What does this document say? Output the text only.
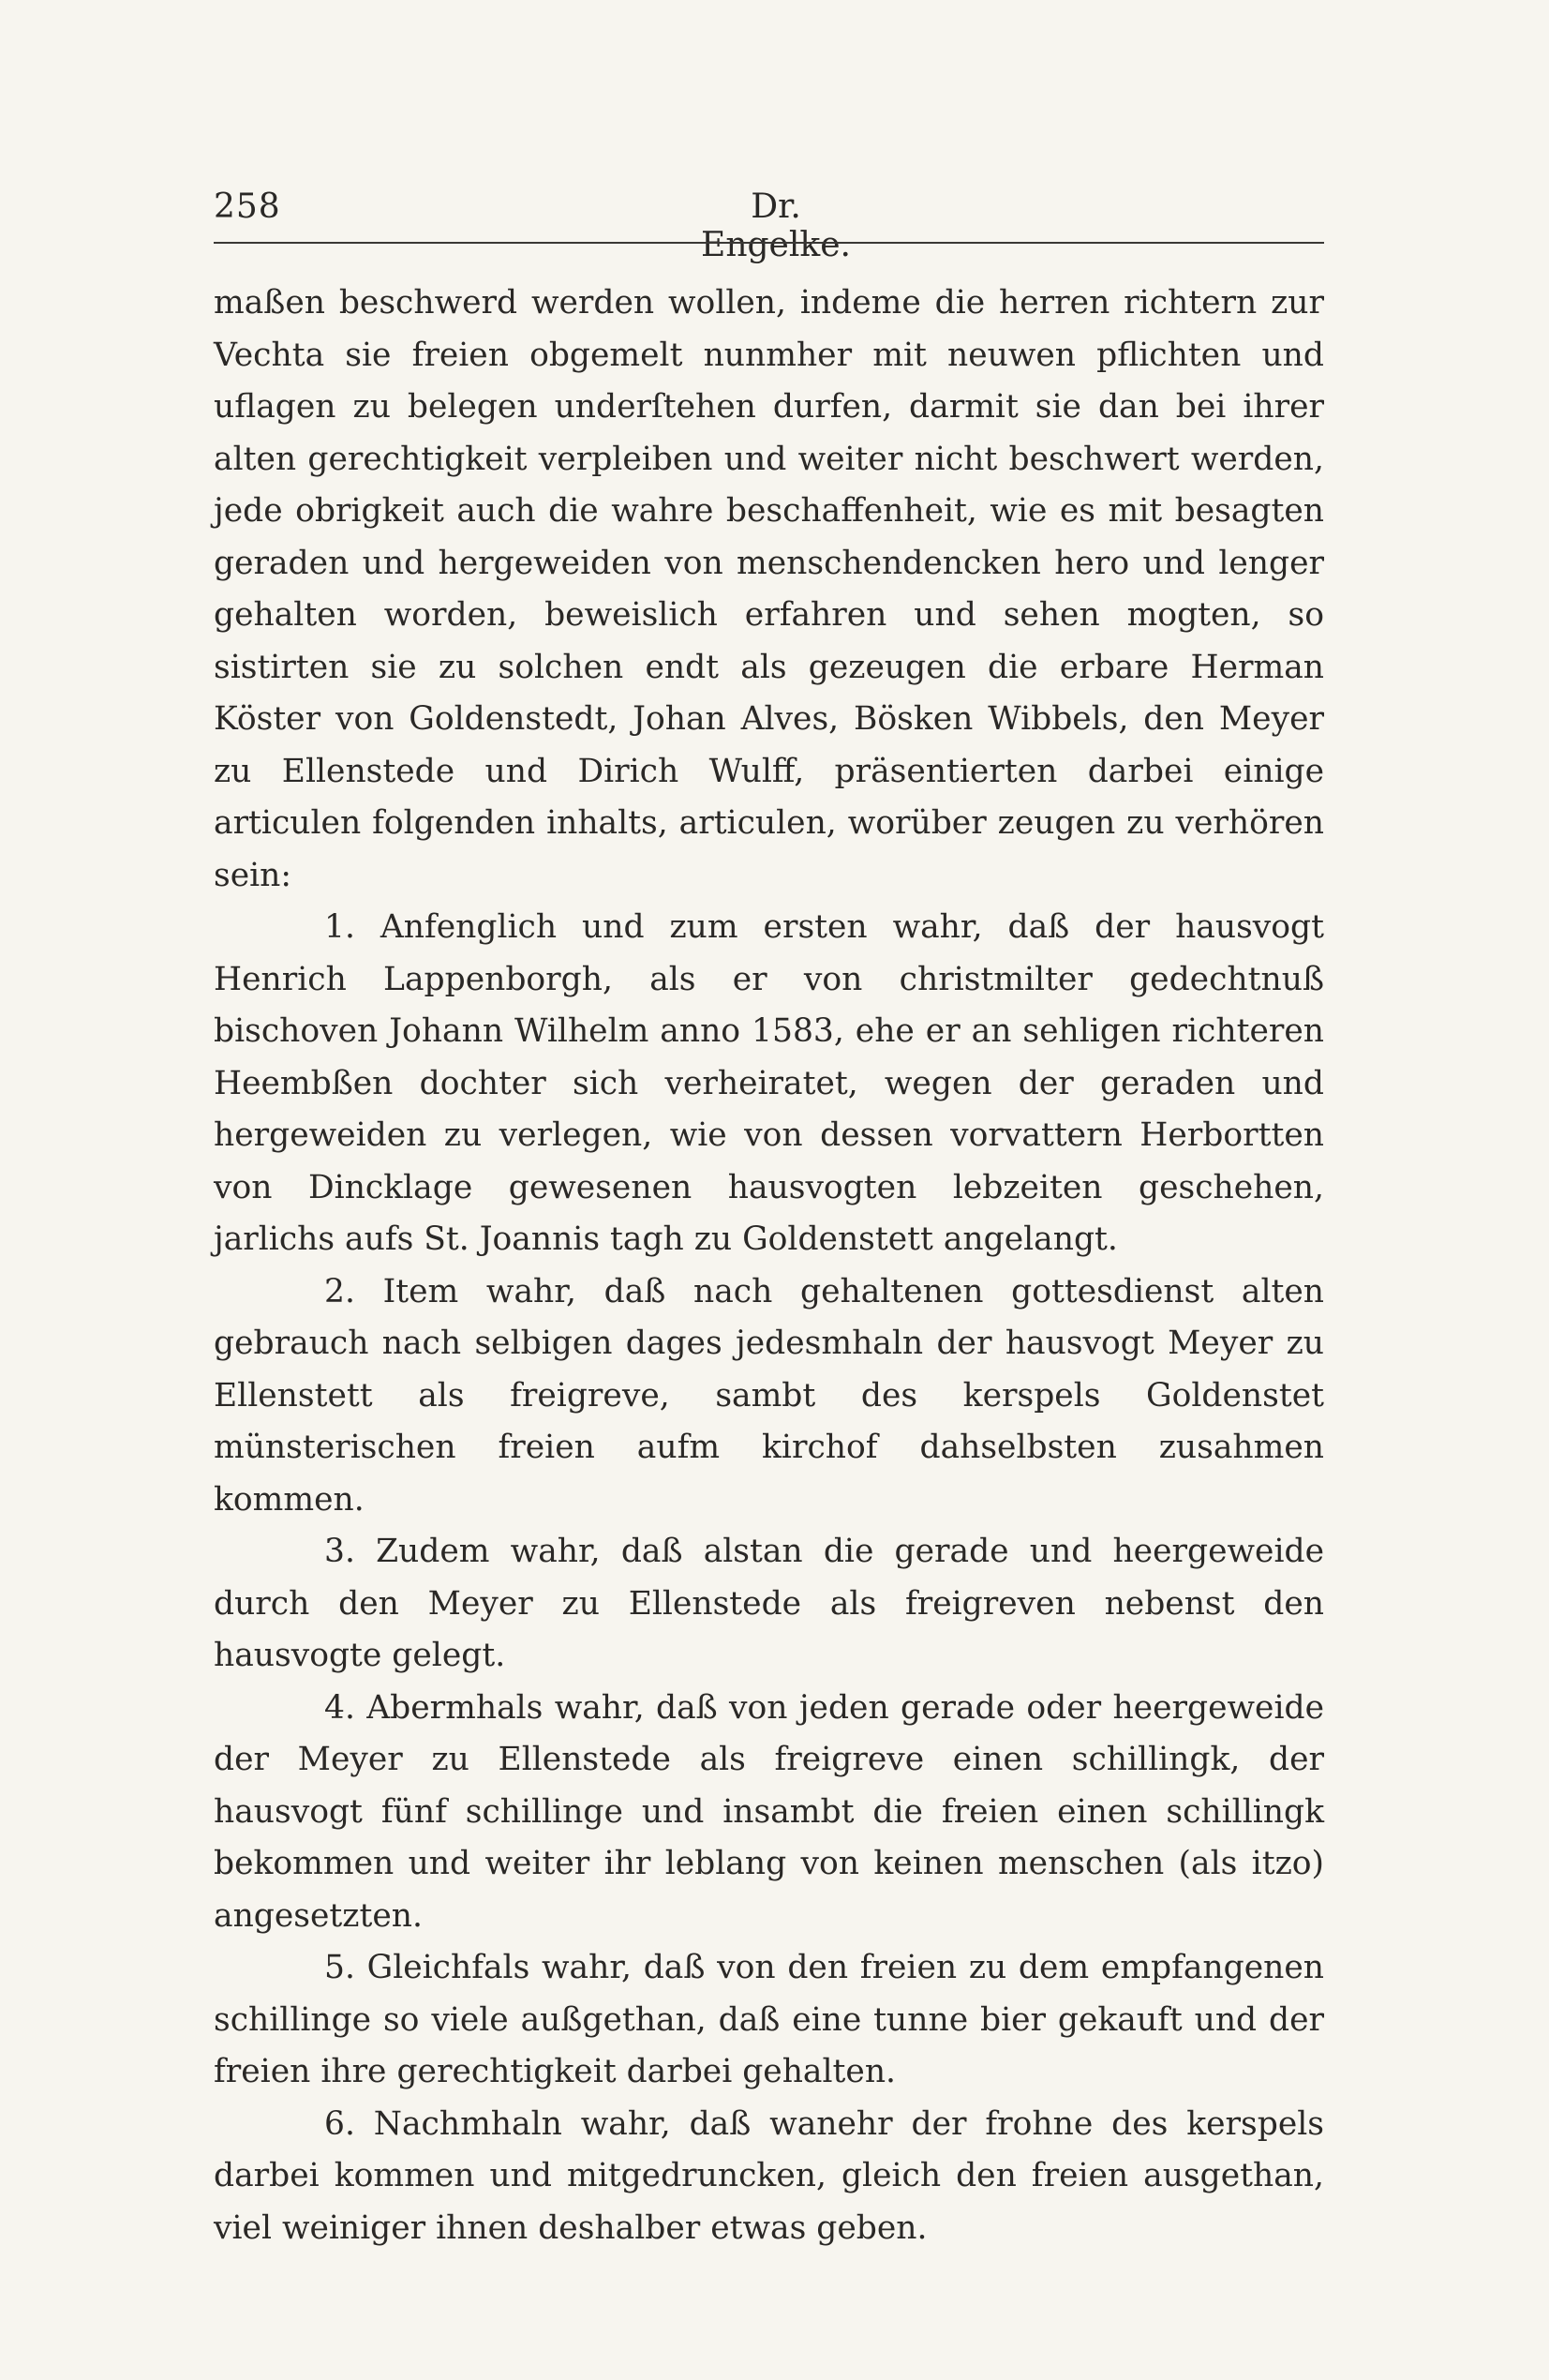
258	Dr. Engelke.

maßen beschwerd werden wollen, indeme die herren richtern zur Vechta sie freien obgemelt nunmher mit neuwen pflichten und uflagen zu belegen underſtehen durfen, darmit sie dan bei ihrer alten gerechtigkeit verpleiben und weiter nicht beschwert werden, jede obrigkeit auch die wahre beschaffenheit, wie es mit besagten geraden und hergeweiden von menschendencken hero und lenger gehalten worden, beweislich erfahren und sehen mogten, so sistirten sie zu solchen endt als gezeugen die erbare Herman Köster von Goldenstedt, Johan Alves, Bösken Wibbels, den Meyer zu Ellenstede und Dirich Wulff, präsentierten darbei einige articulen folgenden inhalts, articulen, worüber zeugen zu verhören sein:

1. Anfenglich und zum ersten wahr, daß der hausvogt Henrich Lappenborgh, als er von christmilter gedechtnuß bischoven Johann Wilhelm anno 1583, ehe er an sehligen richteren Heembßen dochter sich verheiratet, wegen der geraden und hergeweiden zu verlegen, wie von dessen vorvattern Herbortten von Dincklage gewesenen hausvogten lebzeiten geschehen, jarlichs aufs St. Joannis tagh zu Goldenstett angelangt.

2. Item wahr, daß nach gehaltenen gottesdienst alten gebrauch nach selbigen dages jedesmhaln der hausvogt Meyer zu Ellenstett als freigreve, sambt des kerspels Goldenstet münsterischen freien aufm kirchof dahselbsten zusahmen kommen.

3. Zudem wahr, daß alstan die gerade und heergeweide durch den Meyer zu Ellenstede als freigreven nebenst den hausvogte gelegt.

4. Abermhals wahr, daß von jeden gerade oder heergeweide der Meyer zu Ellenstede als freigreve einen schillingk, der hausvogt fünf schillinge und insambt die freien einen schillingk bekommen und weiter ihr leblang von keinen menschen (als itzo) angesetzten.

5. Gleichfals wahr, daß von den freien zu dem empfangenen schillinge so viele außgethan, daß eine tunne bier gekauft und der freien ihre gerechtigkeit darbei gehalten.

6. Nachmhaln wahr, daß wanehr der frohne des kerspels darbei kommen und mitgedruncken, gleich den freien ausgethan, viel weiniger ihnen deshalber etwas geben.
